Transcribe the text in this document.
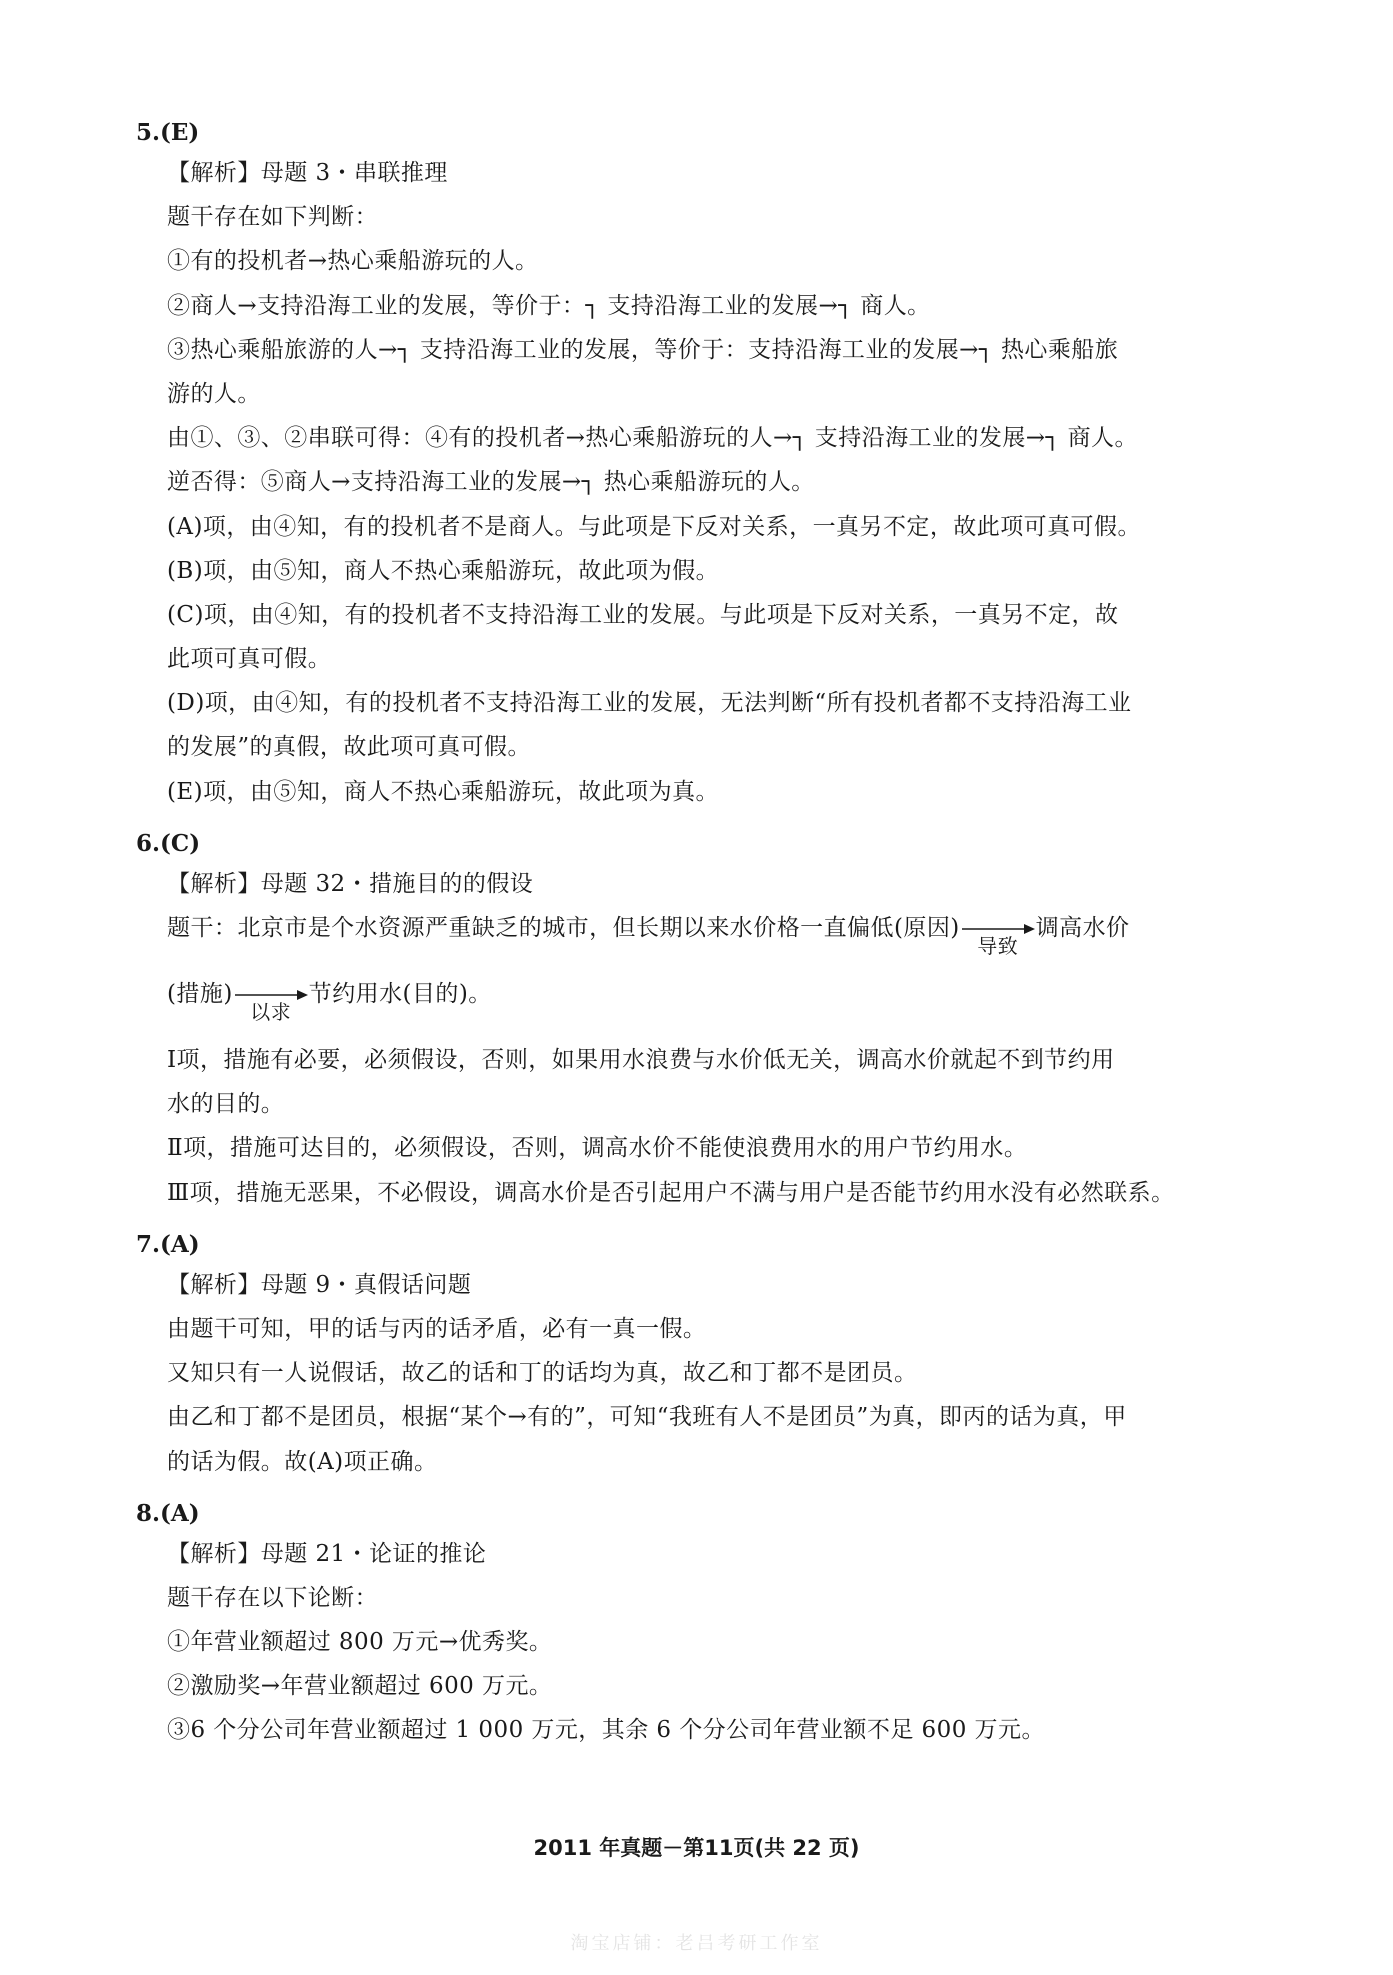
5.(E)
【解析】母题 3・串联推理
题干存在如下判断：
①有的投机者→热心乘船游玩的人。
②商人→支持沿海工业的发展，等价于：┐ 支持沿海工业的发展→┐ 商人。
③热心乘船旅游的人→┐ 支持沿海工业的发展，等价于：支持沿海工业的发展→┐ 热心乘船旅
游的人。
由①、③、②串联可得：④有的投机者→热心乘船游玩的人→┐ 支持沿海工业的发展→┐ 商人。
逆否得：⑤商人→支持沿海工业的发展→┐ 热心乘船游玩的人。
(A)项，由④知，有的投机者不是商人。与此项是下反对关系，一真另不定，故此项可真可假。
(B)项，由⑤知，商人不热心乘船游玩，故此项为假。
(C)项，由④知，有的投机者不支持沿海工业的发展。与此项是下反对关系，一真另不定，故
此项可真可假。
(D)项，由④知，有的投机者不支持沿海工业的发展，无法判断“所有投机者都不支持沿海工业
的发展”的真假，故此项可真可假。
(E)项，由⑤知，商人不热心乘船游玩，故此项为真。
6.(C)
【解析】母题 32・措施目的的假设
题干：北京市是个水资源严重缺乏的城市，但长期以来水价格一直偏低(原因)
导致
调高水价
(措施)
以求
节约用水(目的)。
Ⅰ项，措施有必要，必须假设，否则，如果用水浪费与水价低无关，调高水价就起不到节约用
水的目的。
Ⅱ项，措施可达目的，必须假设，否则，调高水价不能使浪费用水的用户节约用水。
Ⅲ项，措施无恶果，不必假设，调高水价是否引起用户不满与用户是否能节约用水没有必然联系。
7.(A)
【解析】母题 9・真假话问题
由题干可知，甲的话与丙的话矛盾，必有一真一假。
又知只有一人说假话，故乙的话和丁的话均为真，故乙和丁都不是团员。
由乙和丁都不是团员，根据“某个→有的”，可知“我班有人不是团员”为真，即丙的话为真，甲
的话为假。故(A)项正确。
8.(A)
【解析】母题 21・论证的推论
题干存在以下论断：
①年营业额超过 800 万元→优秀奖。
②激励奖→年营业额超过 600 万元。
③6 个分公司年营业额超过 1 000 万元，其余 6 个分公司年营业额不足 600 万元。
2011 年真题－第11页(共 22 页)
淘宝店铺：老吕考研工作室
